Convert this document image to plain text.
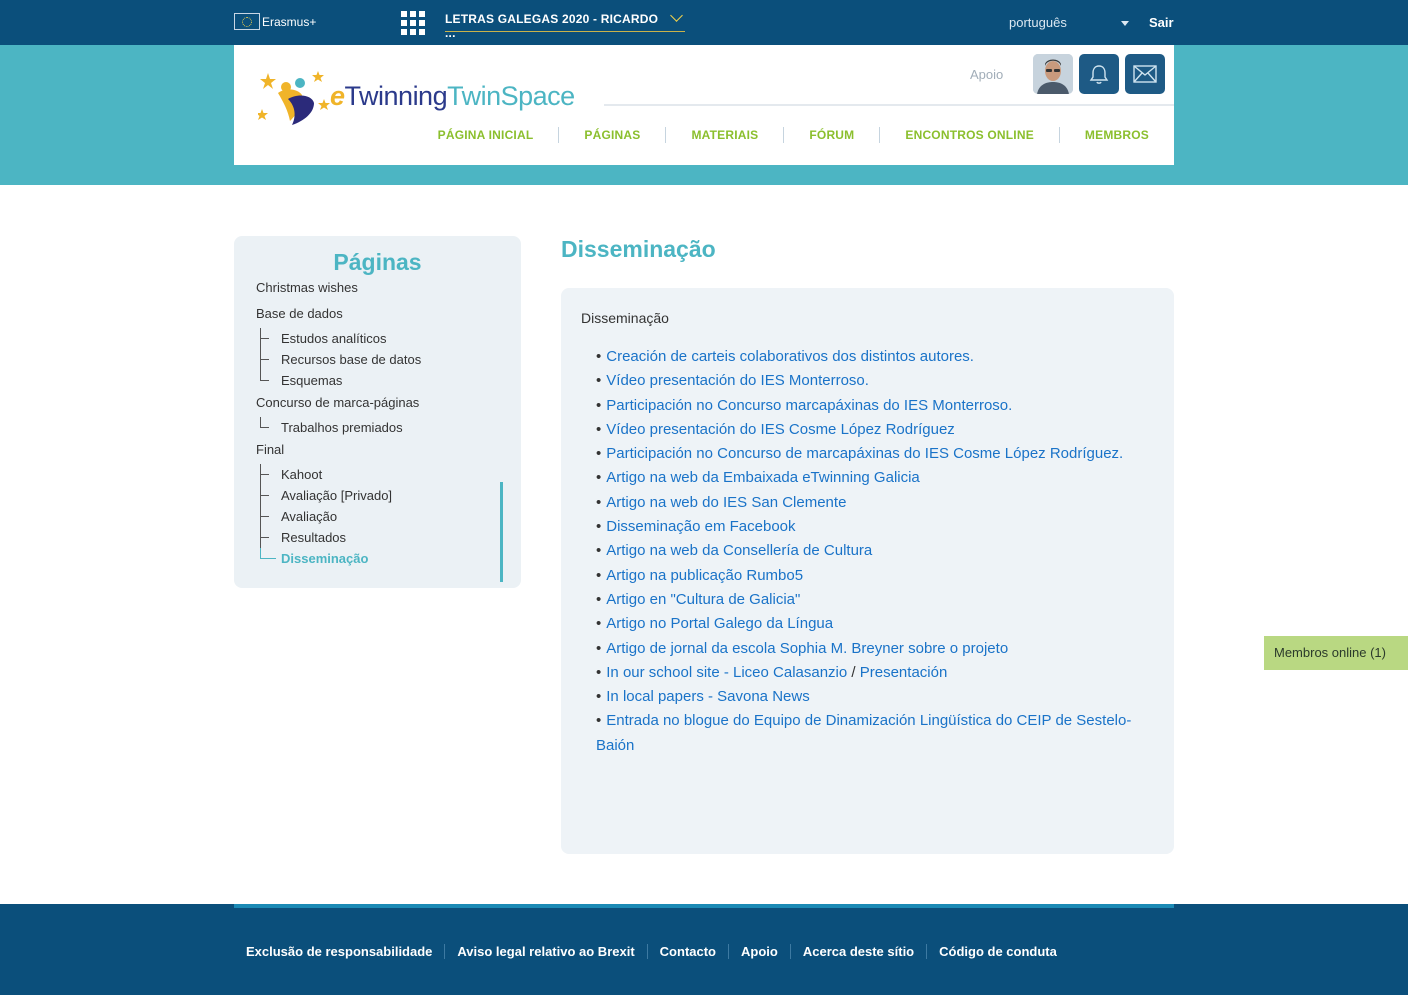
Erasmus+	LETRAS GALEGAS 2020 - RICARDO ...
português	Sair
eTwinningTwinSpace
Apoio
PÁGINA INICIAL	PÁGINAS	MATERIAIS	FÓRUM	ENCONTROS ONLINE	MEMBROS
Páginas
Christmas wishes
Base de dados
Estudos analíticos
Recursos base de datos
Esquemas
Concurso de marca-páginas
Trabalhos premiados
Final
Kahoot
Avaliação [Privado]
Avaliação
Resultados
Disseminação
Disseminação
Disseminação
• Creación de carteis colaborativos dos distintos autores.
• Vídeo presentación do IES Monterroso.
• Participación no Concurso marcapáxinas do IES Monterroso.
• Vídeo presentación do IES Cosme López Rodríguez
• Participación no Concurso de marcapáxinas do IES Cosme López Rodríguez.
• Artigo na web da Embaixada eTwinning Galicia
• Artigo na web do IES San Clemente
• Disseminação em Facebook
• Artigo na web da Consellería de Cultura
• Artigo na publicação Rumbo5
• Artigo en "Cultura de Galicia"
• Artigo no Portal Galego da Língua
• Artigo de jornal da escola Sophia M. Breyner sobre o projeto
• In our school site - Liceo Calasanzio / Presentación
• In local papers - Savona News
• Entrada no blogue do Equipo de Dinamización Lingüística do CEIP de Sestelo-Baión
Membros online (1)
Exclusão de responsabilidade	Aviso legal relativo ao Brexit	Contacto	Apoio	Acerca deste sítio	Código de conduta
